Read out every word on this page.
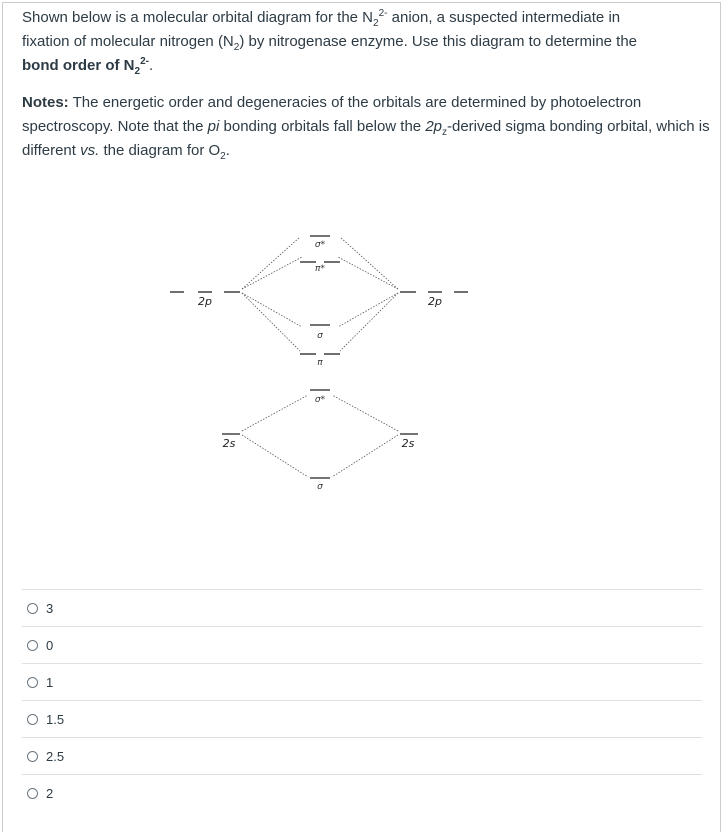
Shown below is a molecular orbital diagram for the $N_2^{2-}$ anion, a suspected intermediate in
fixation of molecular nitrogen $(N_2)$ by nitrogenase enzyme. Use this diagram to determine the
bond order of $N_2^{2-}$.

Notes: The energetic order and degeneracies of the orbitals are determined by photoelectron spectroscopy. Note that the pi bonding orbitals fall below the $2p_z$-derived sigma bonding orbital, which is different vs. the diagram for $O_2$.

2p	2p
2s	2s
σ*
π*
σ
π
σ*
σ
3
0
1
1.5
2.5
2
